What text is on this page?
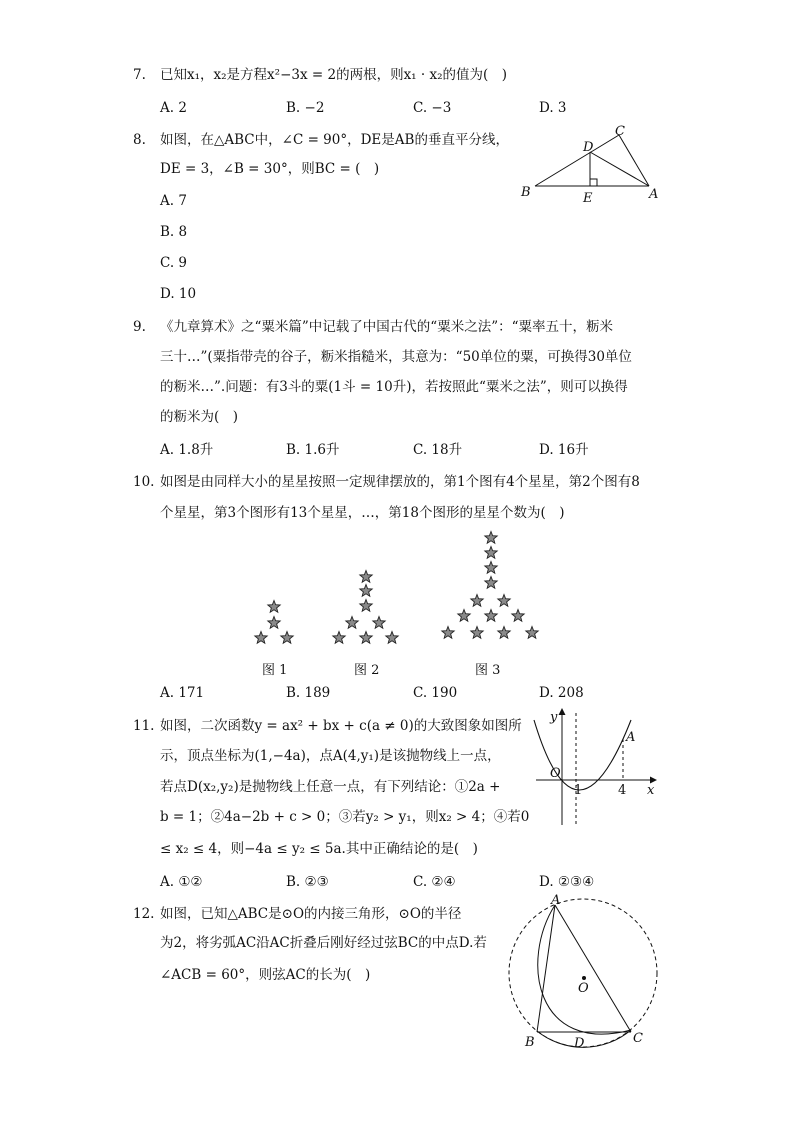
7. 已知x₁，x₂是方程x²−3x = 2的两根，则x₁ · x₂的值为(　)
A. 2	B. −2	C. −3	D. 3
8. 如图，在△ABC中，∠C = 90°，DE是AB的垂直平分线，
DE = 3，∠B = 30°，则BC = (　)
A. 7
B. 8
C. 9
D. 10
C
D
B	E	A
9. 《九章算术》之“粟米篇”中记载了中国古代的“粟米之法”：“粟率五十，粝米
三十…”(粟指带壳的谷子，粝米指糙米，其意为：“50单位的粟，可换得30单位
的粝米…”.问题：有3斗的粟(1斗 = 10升)，若按照此“粟米之法”，则可以换得
的粝米为(　)
A. 1.8升	B. 1.6升	C. 18升	D. 16升
10. 如图是由同样大小的星星按照一定规律摆放的，第1个图有4个星星，第2个图有8
个星星，第3个图形有13个星星，…，第18个图形的星星个数为(　)
图 1	图 2	图 3
A. 171	B. 189	C. 190	D. 208
11. 如图，二次函数y = ax² + bx + c(a ≠ 0)的大致图象如图所
示，顶点坐标为(1,−4a)，点A(4,y₁)是该抛物线上一点，
若点D(x₂,y₂)是抛物线上任意一点，有下列结论：①2a +
b = 1；②4a−2b + c > 0；③若y₂ > y₁，则x₂ > 4；④若0
≤ x₂ ≤ 4，则−4a ≤ y₂ ≤ 5a.其中正确结论的是(　)
A. ①②	B. ②③	C. ②④	D. ②③④
y
x
O
1	4
A
12. 如图，已知△ABC是⊙O的内接三角形，⊙O的半径
为2，将劣弧AC沿AC折叠后刚好经过弦BC的中点D.若
∠ACB = 60°，则弦AC的长为(　)
A
O
B	D	C
